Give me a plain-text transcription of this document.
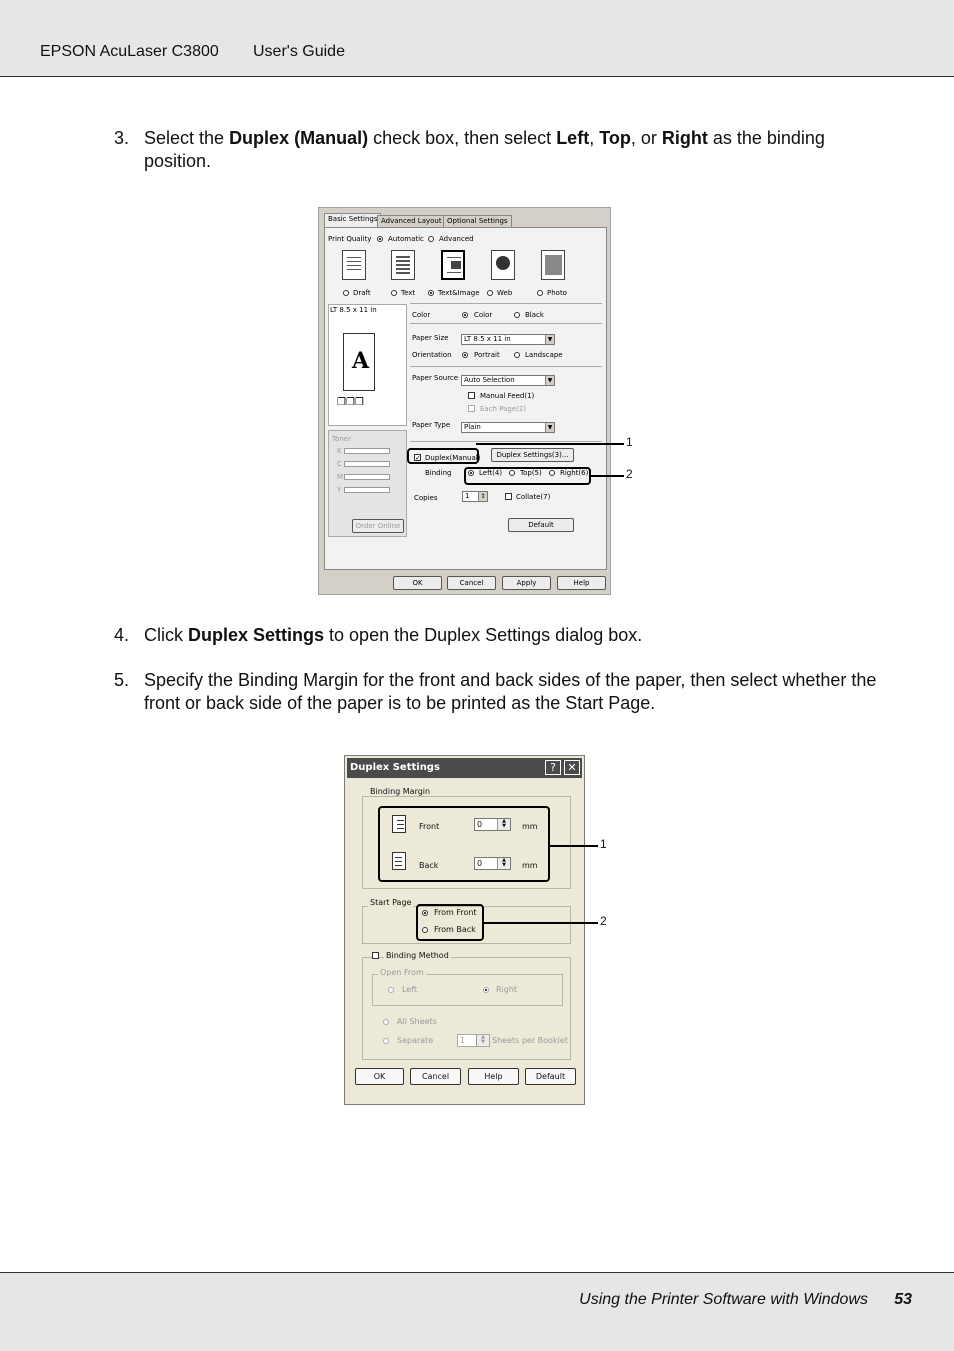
EPSON AcuLaser C3800 User's Guide
3. Select the Duplex (Manual) check box, then select Left, Top, or Right as the binding position.
Basic Settings Advanced Layout Optional Settings
Print Quality Automatic Advanced
Draft	Text	Text&Image Web	Photo
LT 8.5 x 11 in
A
❐❐❐
Color	Color	Black
Paper Size LT 8.5 x 11 in	▼
Orientation	Portrait	Landscape
Paper Source Auto Selection	▼
Manual Feed(1)
Each Page(2)
Paper Type Plain	▼
Toner
K
C
M
Y
Order Online
✓ Duplex(Manual)	Duplex Settings(3)...
Binding	Left(4)	Top(5)	Right(6)
Copies	1	↕	Collate(7)
Default
OK	Cancel	Apply	Help
1
2
4. Click Duplex Settings to open the Duplex Settings dialog box.
5. Specify the Binding Margin for the front and back sides of the paper, then select whether the front or back side of the paper is to be printed as the Start Page.
Duplex Settings	?	✕
Binding Margin
Front	0	▲
▼	mm
Back	0	▲
▼	mm
Start Page
From Front
From Back
Binding Method
Open From
Left	Right
All Sheets
Separate	1	▲
▼ Sheets per Booklet
OK	Cancel	Help	Default
1
2
Using the Printer Software with Windows 53
